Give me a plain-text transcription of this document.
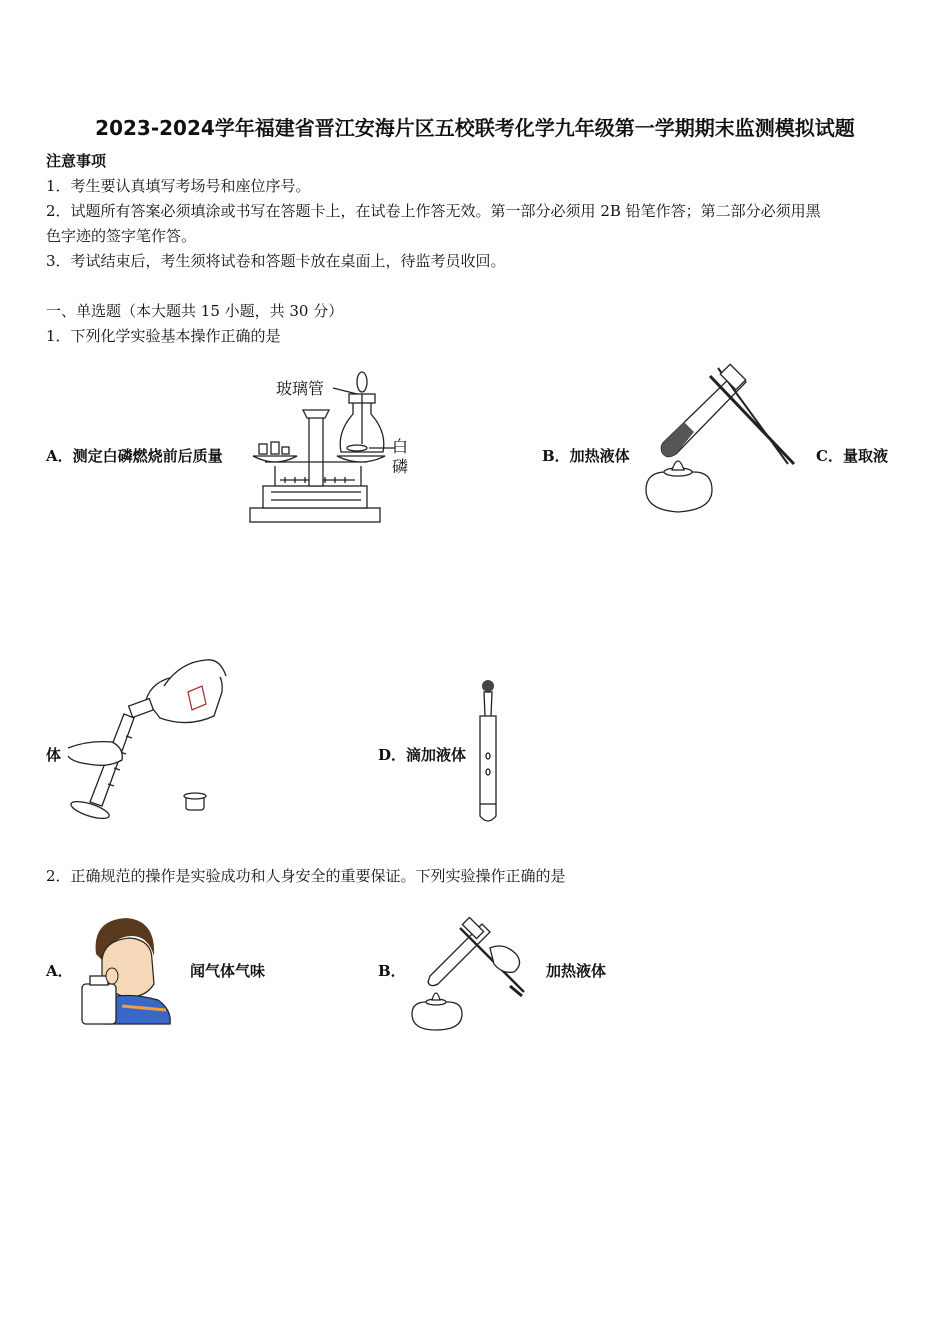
2023-2024学年福建省晋江安海片区五校联考化学九年级第一学期期末监测模拟试题
注意事项
1．考生要认真填写考场号和座位序号。
2．试题所有答案必须填涂或书写在答题卡上，在试卷上作答无效。第一部分必须用 2B 铅笔作答；第二部分必须用黑
色字迹的签字笔作答。
3．考试结束后，考生须将试卷和答题卡放在桌面上，待监考员收回。
一、单选题（本大题共 15 小题，共 30 分）
1．下列化学实验基本操作正确的是
A．测定白磷燃烧前后质量
玻璃管
白
磷
B．加热液体	C．量取液
体	D．滴加液体
2．正确规范的操作是实验成功和人身安全的重要保证。下列实验操作正确的是
A．	闻气体气味	B．	加热液体
